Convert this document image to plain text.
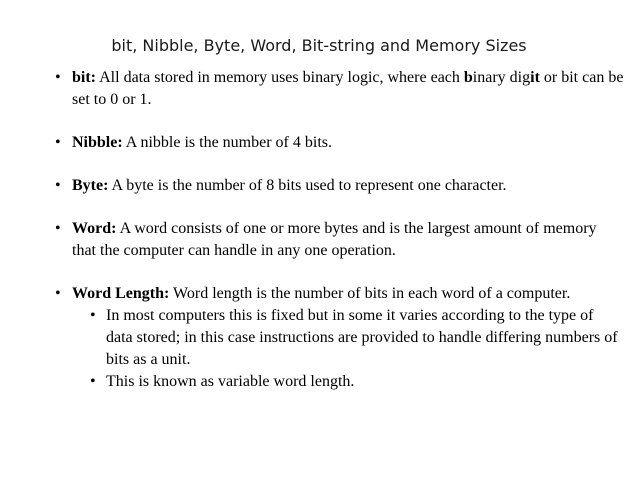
bit, Nibble, Byte, Word, Bit-string and Memory Sizes
• bit: All data stored in memory uses binary logic, where each binary digit or bit can be set to 0 or 1.
• Nibble: A nibble is the number of 4 bits.
• Byte: A byte is the number of 8 bits used to represent one character.
• Word: A word consists of one or more bytes and is the largest amount of memory that the computer can handle in any one operation.
• Word Length: Word length is the number of bits in each word of a computer.
• In most computers this is fixed but in some it varies according to the type of data stored; in this case instructions are provided to handle differing numbers of bits as a unit.
• This is known as variable word length.
